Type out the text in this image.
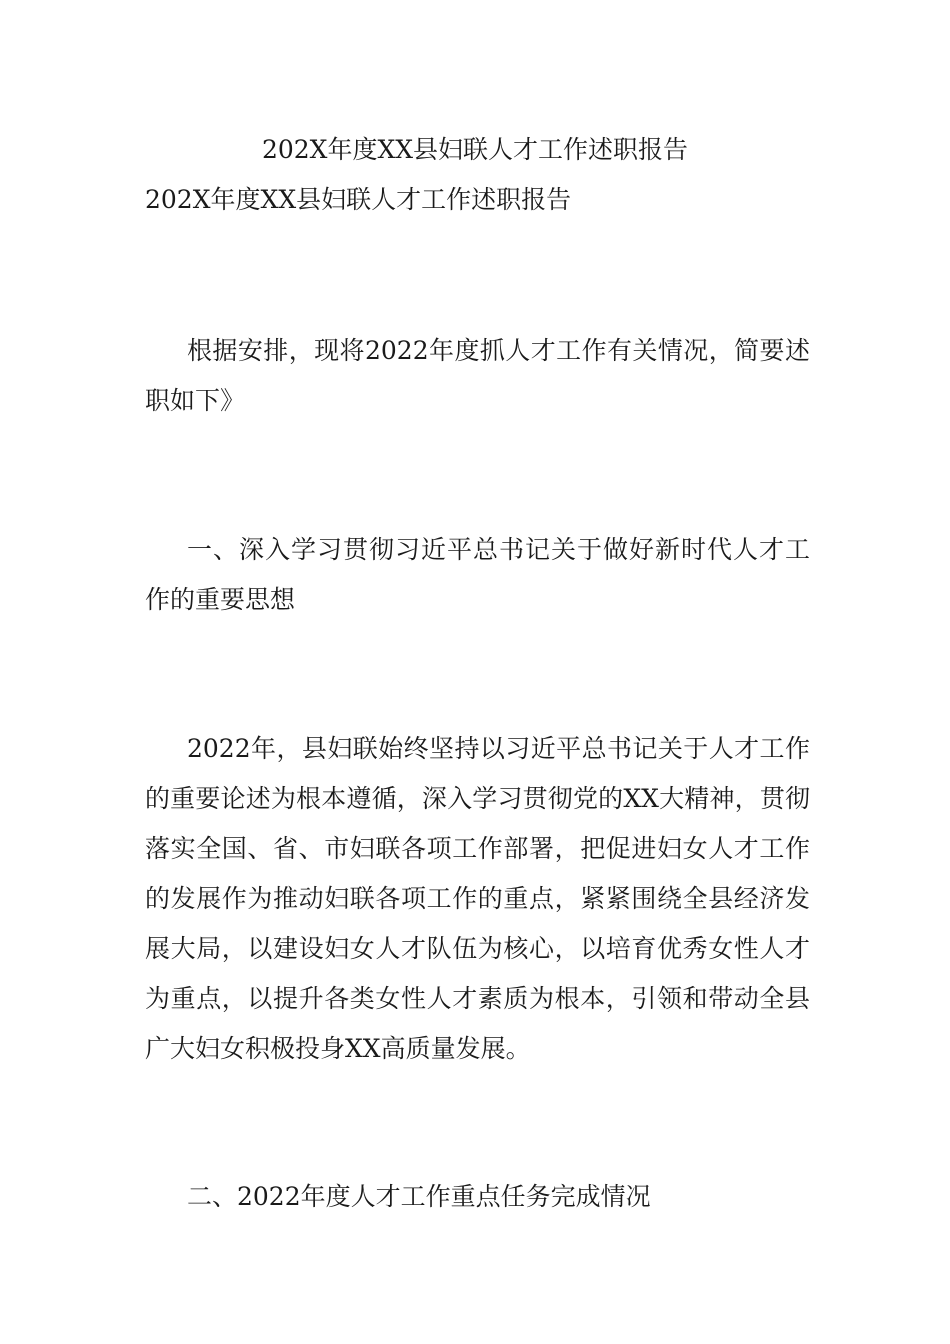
202X年度XX县妇联人才工作述职报告
202X年度XX县妇联人才工作述职报告

根据安排，现将2022年度抓人才工作有关情况，简要述职如下》

一、深入学习贯彻习近平总书记关于做好新时代人才工作的重要思想

2022年，县妇联始终坚持以习近平总书记关于人才工作的重要论述为根本遵循，深入学习贯彻党的XX大精神，贯彻落实全国、省、市妇联各项工作部署，把促进妇女人才工作的发展作为推动妇联各项工作的重点，紧紧围绕全县经济发展大局，以建设妇女人才队伍为核心，以培育优秀女性人才为重点，以提升各类女性人才素质为根本，引领和带动全县广大妇女积极投身XX高质量发展。

二、2022年度人才工作重点任务完成情况
